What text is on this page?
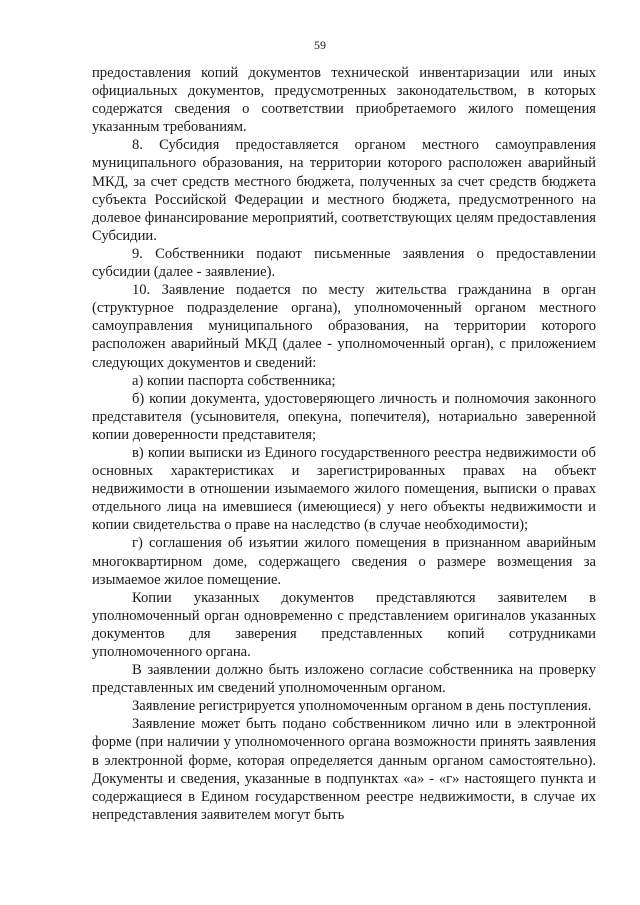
59

предоставления копий документов технической инвентаризации или иных официальных документов, предусмотренных законодательством, в которых содержатся сведения о соответствии приобретаемого жилого помещения указанным требованиям.

8. Субсидия предоставляется органом местного самоуправления муниципального образования, на территории которого расположен аварийный МКД, за счет средств местного бюджета, полученных за счет средств бюджета субъекта Российской Федерации и местного бюджета, предусмотренного на долевое финансирование мероприятий, соответствующих целям предоставления Субсидии.

9. Собственники подают письменные заявления о предоставлении субсидии (далее - заявление).

10. Заявление подается по месту жительства гражданина в орган (структурное подразделение органа), уполномоченный органом местного самоуправления муниципального образования, на территории которого расположен аварийный МКД (далее - уполномоченный орган), с приложением следующих документов и сведений:

а) копии паспорта собственника;

б) копии документа, удостоверяющего личность и полномочия законного представителя (усыновителя, опекуна, попечителя), нотариально заверенной копии доверенности представителя;

в) копии выписки из Единого государственного реестра недвижимости об основных характеристиках и зарегистрированных правах на объект недвижимости в отношении изымаемого жилого помещения, выписки о правах отдельного лица на имевшиеся (имеющиеся) у него объекты недвижимости и копии свидетельства о праве на наследство (в случае необходимости);

г) соглашения об изъятии жилого помещения в признанном аварийным многоквартирном доме, содержащего сведения о размере возмещения за изымаемое жилое помещение.

Копии указанных документов представляются заявителем в уполномоченный орган одновременно с представлением оригиналов указанных документов для заверения представленных копий сотрудниками уполномоченного органа.

В заявлении должно быть изложено согласие собственника на проверку представленных им сведений уполномоченным органом.

Заявление регистрируется уполномоченным органом в день поступления.

Заявление может быть подано собственником лично или в электронной форме (при наличии у уполномоченного органа возможности принять заявления в электронной форме, которая определяется данным органом самостоятельно). Документы и сведения, указанные в подпунктах «а» - «г» настоящего пункта и содержащиеся в Едином государственном реестре недвижимости, в случае их непредставления заявителем могут быть
